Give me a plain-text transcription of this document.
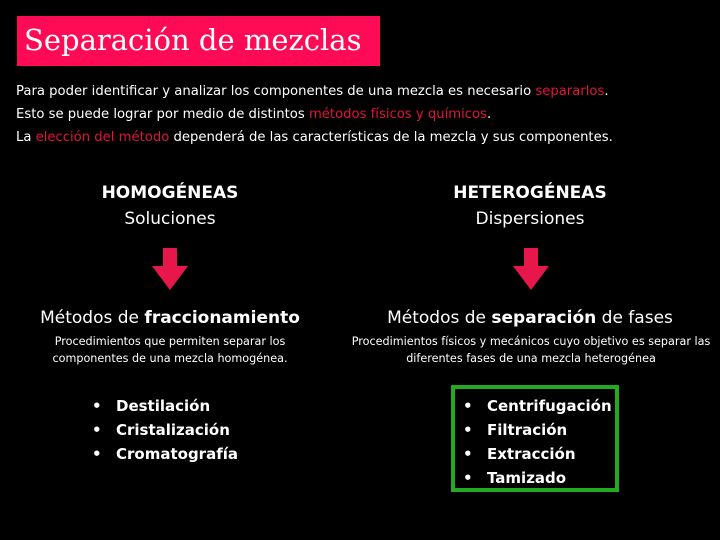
Separación de mezclas

Para poder identificar y analizar los componentes de una mezcla es necesario separarlos.

Esto se puede lograr por medio de distintos métodos físicos y químicos.

La elección del método dependerá de las características de la mezcla y sus componentes.

HOMOGÉNEAS
Soluciones
Métodos de fraccionamiento
Procedimientos que permiten separar los componentes de una mezcla homogénea.
• Destilación
• Cristalización
• Cromatografía
HETEROGÉNEAS
Dispersiones
Métodos de separación de fases
Procedimientos físicos y mecánicos cuyo objetivo es separar las diferentes fases de una mezcla heterogénea
• Centrifugación
• Filtración
• Extracción
• Tamizado
